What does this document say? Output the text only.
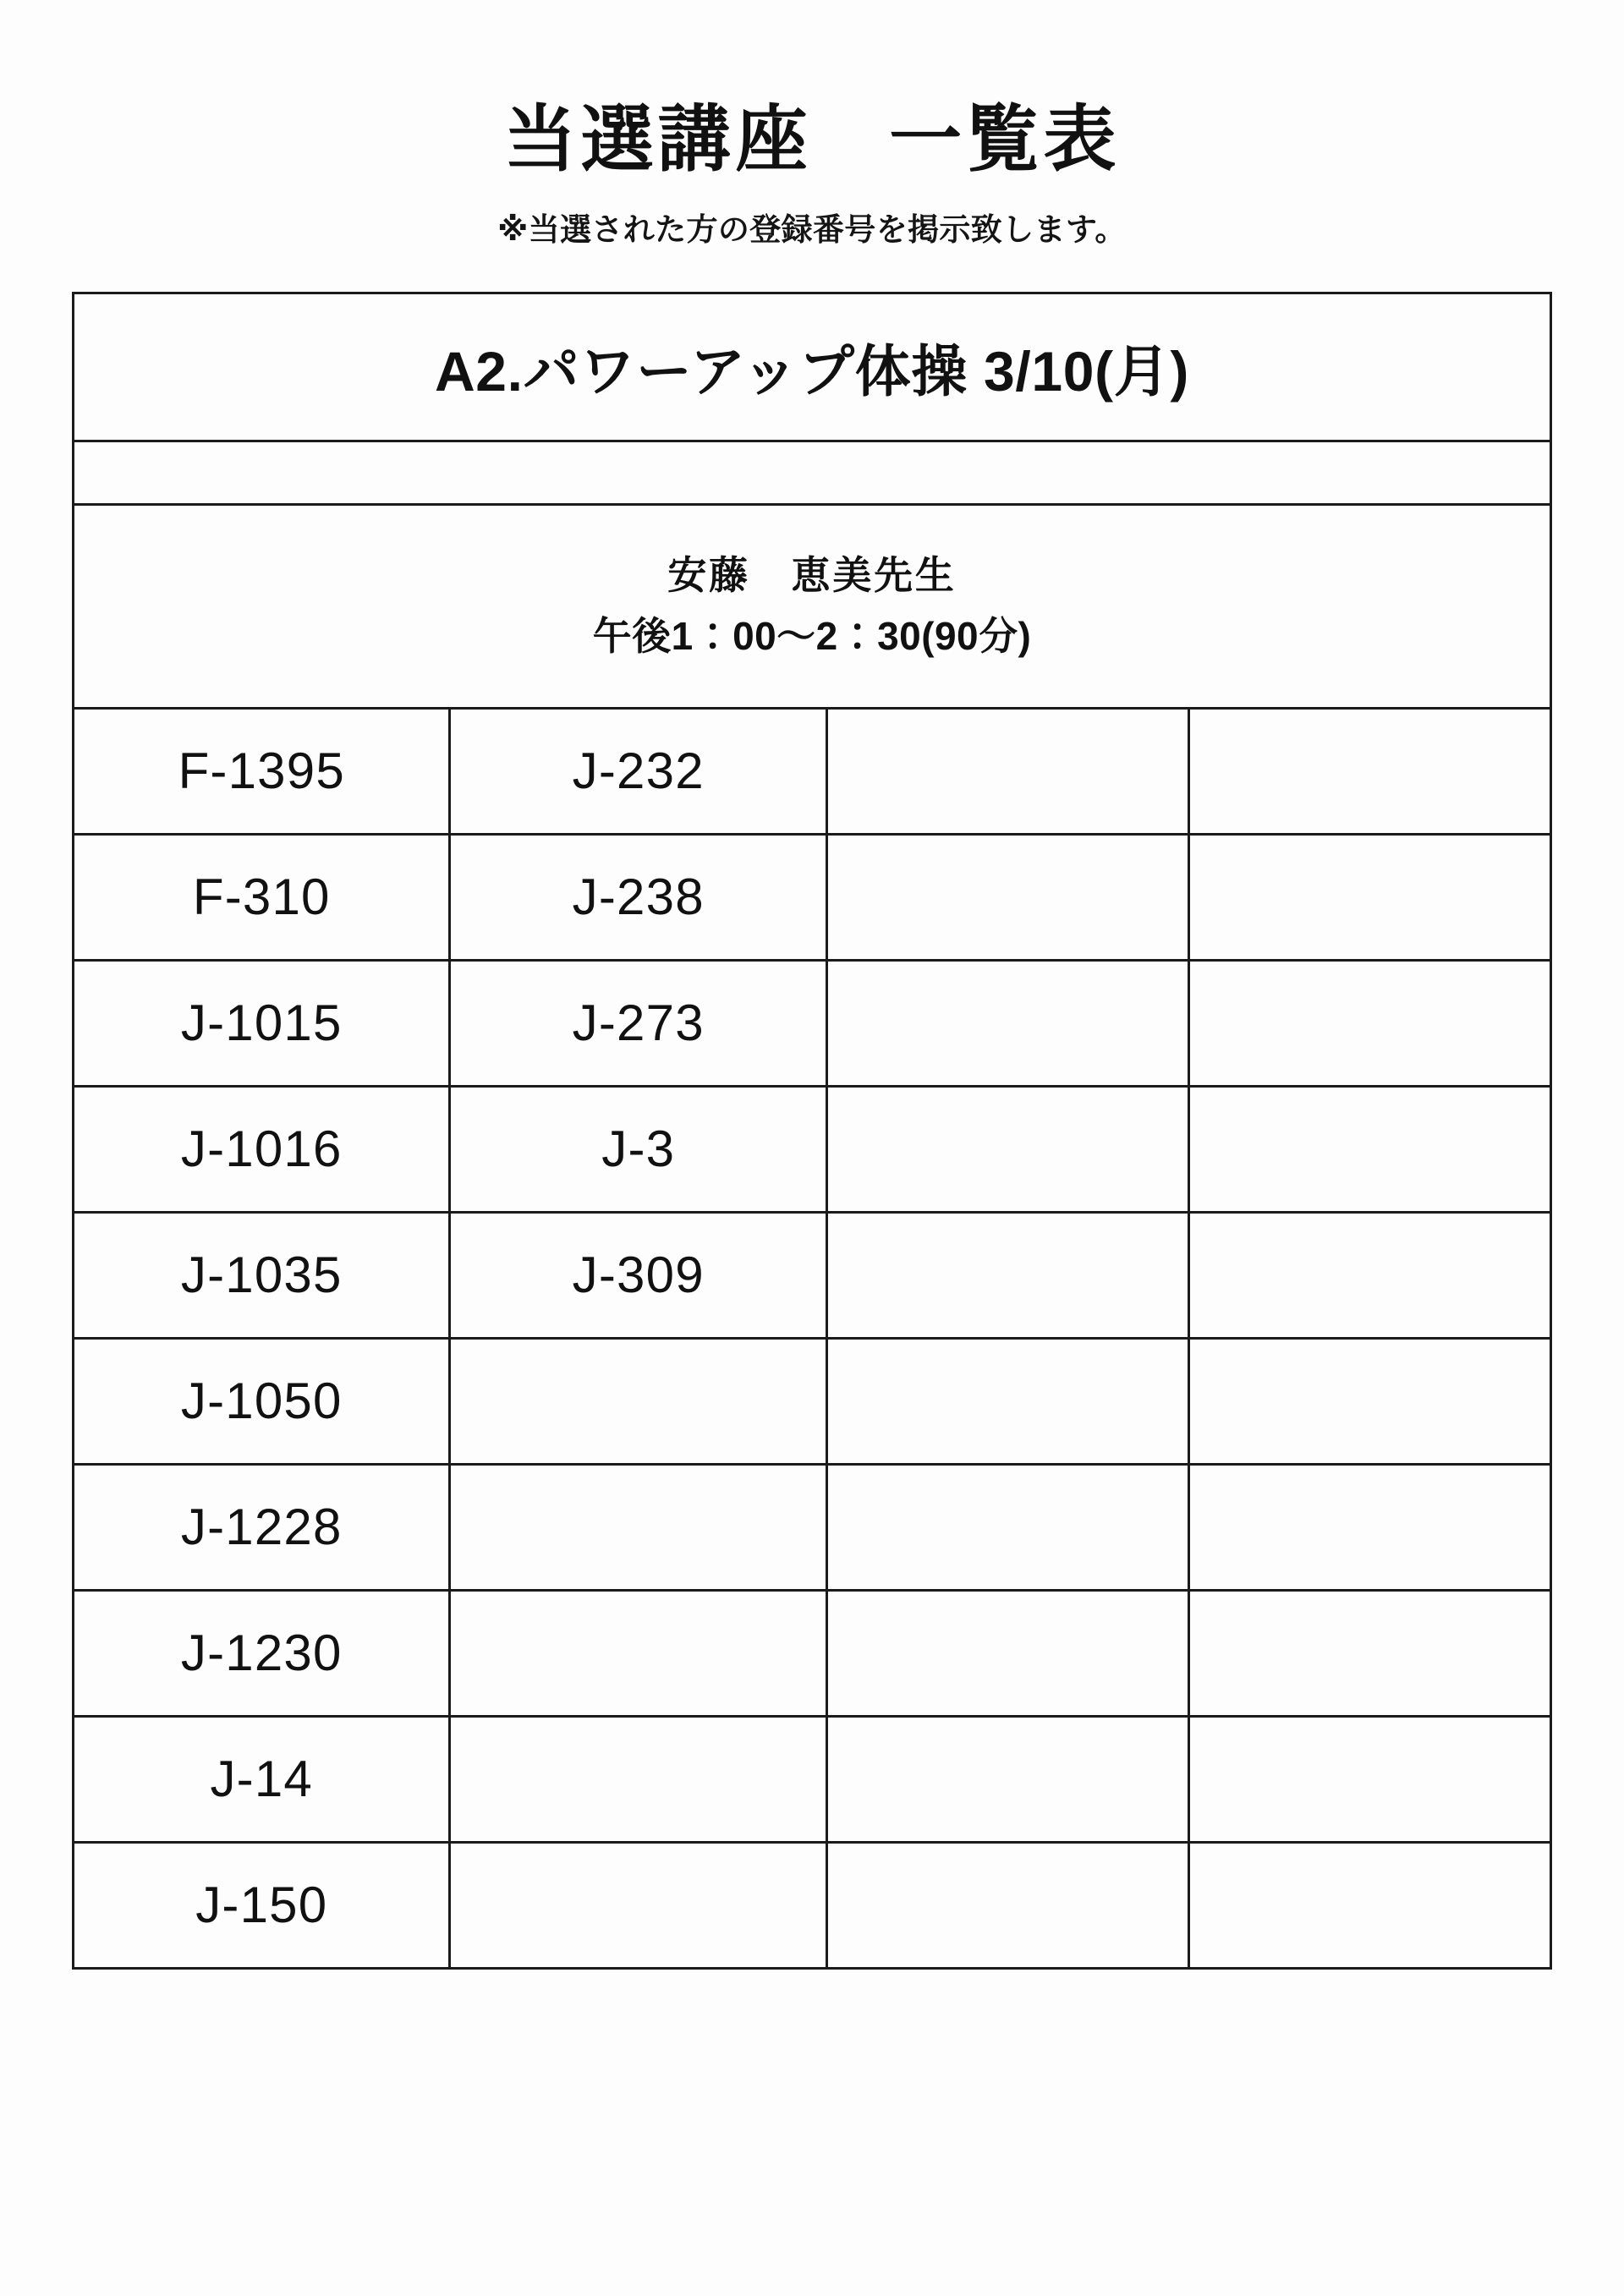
当選講座　一覧表

※当選された方の登録番号を掲示致します。

A2.パワーアップ体操 3/10(月)			

安藤　恵美先生
午後1：00〜2：30(90分)			

F-1395	J-232		
F-310	J-238		
J-1015	J-273		
J-1016	J-3		
J-1035	J-309		
J-1050			
J-1228			
J-1230			
J-14			
J-150			
